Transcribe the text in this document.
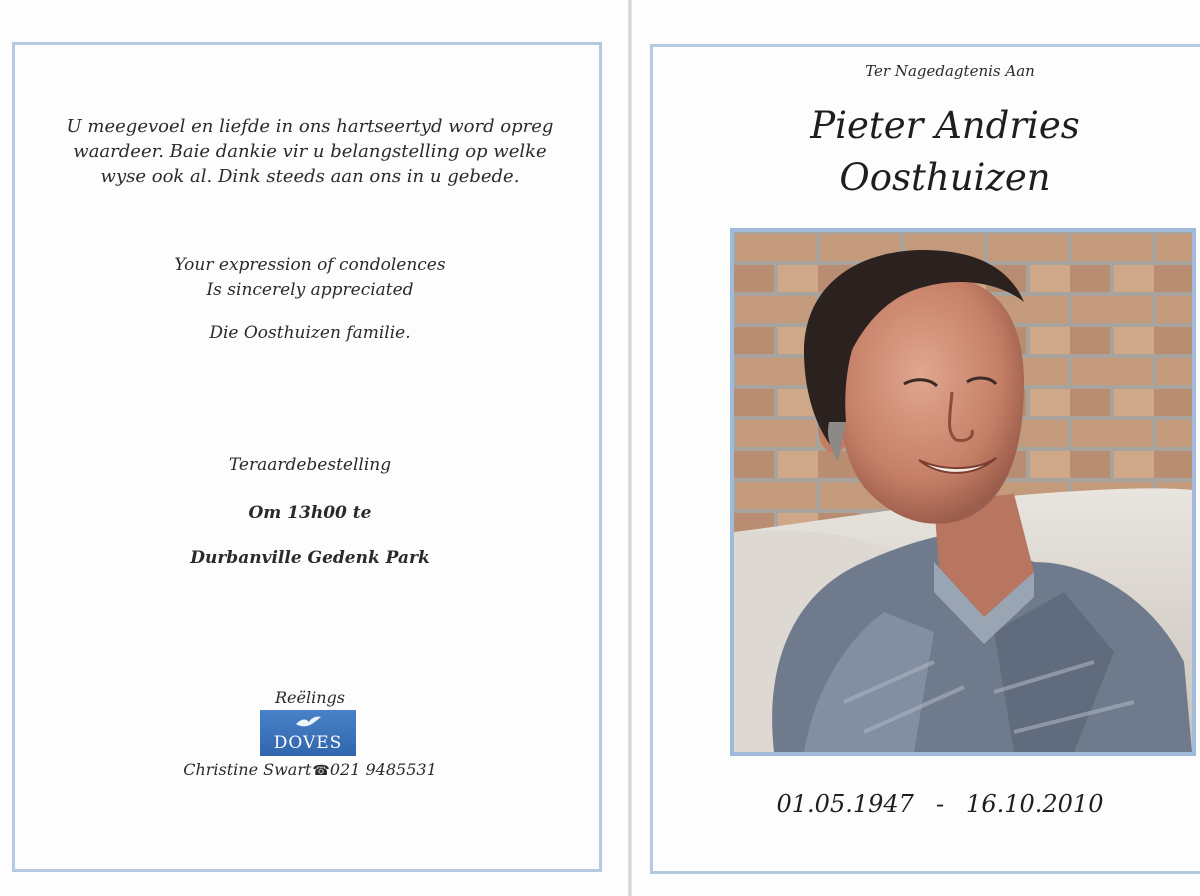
U meegevoel en liefde in ons hartseertyd word opreg
waardeer. Baie dankie vir u belangstelling op welke
wyse ook al. Dink steeds aan ons in u gebede.
Your expression of condolences
Is sincerely appreciated
Die Oosthuizen familie.
Teraardebestelling
Om 13h00 te
Durbanville Gedenk Park
Reëlings
DOVES
Christine Swart☎021 9485531
Ter Nagedagtenis Aan
Pieter Andries
Oosthuizen
01.05.1947 - 16.10.2010
